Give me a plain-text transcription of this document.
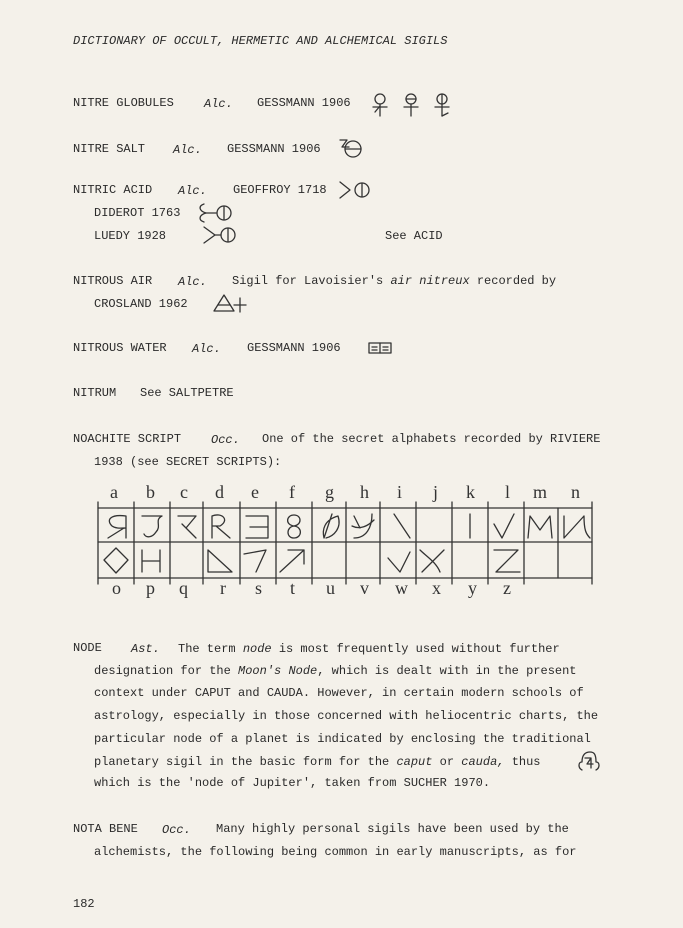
DICTIONARY OF OCCULT, HERMETIC AND ALCHEMICAL SIGILS
NITRE GLOBULES	Alc. GESSMANN 1906
NITRE SALT Alc. GESSMANN 1906
NITRIC ACID Alc. GEOFFROY 1718
DIDEROT 1763
LUEDY 1928	See ACID
NITROUS AIR Alc. Sigil for Lavoisier's air nitreux recorded by
CROSLAND 1962
NITROUS WATER Alc. GESSMANN 1906
NITRUM See SALTPETRE
NOACHITE SCRIPT Occ. One of the secret alphabets recorded by RIVIERE
1938 (see SECRET SCRIPTS):
a b c d e f g h i j k l m n
o p q r s t u v w x y z
NODE Ast. The term node is most frequently used without further
designation for the Moon's Node, which is dealt with in the present
context under CAPUT and CAUDA. However, in certain modern schools of
astrology, especially in those concerned with heliocentric charts, the
particular node of a planet is indicated by enclosing the traditional
planetary sigil in the basic form for the caput or cauda, thus
which is the 'node of Jupiter', taken from SUCHER 1970.
NOTA BENE Occ. Many highly personal sigils have been used by the
alchemists, the following being common in early manuscripts, as for
182
